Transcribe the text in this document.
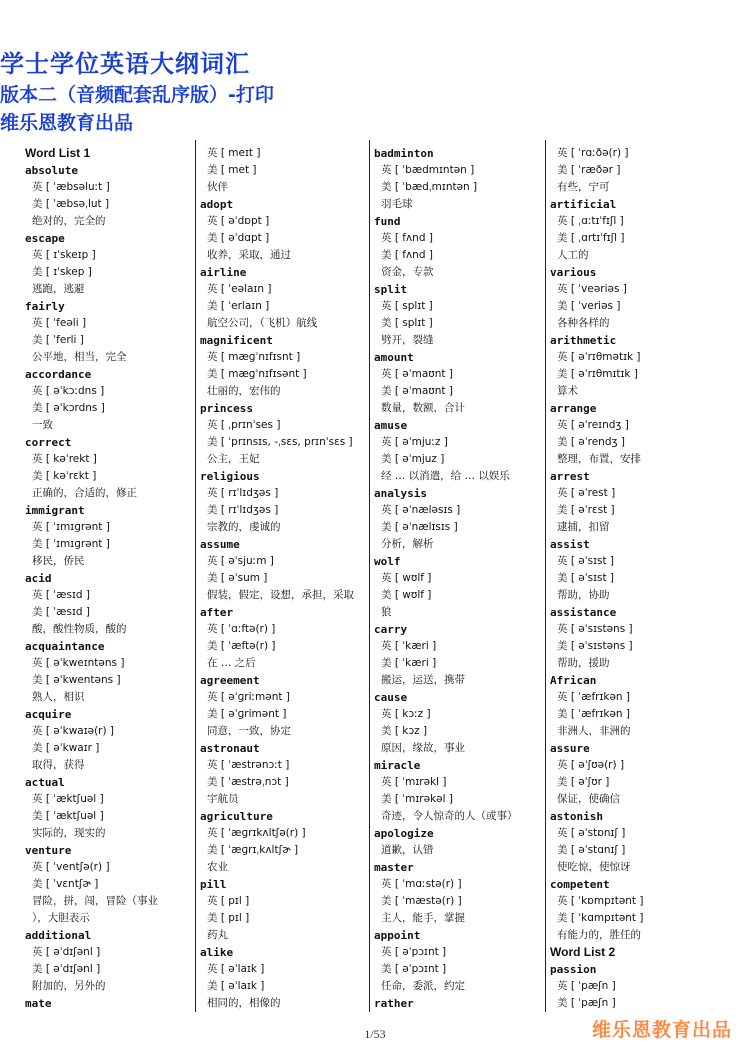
学士学位英语大纲词汇
版本二（音频配套乱序版）-打印
维乐恩教育出品
Word List 1
absolute
英 [ ˈæbsəluːt ]
美 [ ˈæbsəˌlut ]
绝对的，完全的
escape
英 [ ɪˈskeɪp ]
美 [ ɪˈskep ]
逃跑，逃避
fairly
英 [ ˈfeəli ]
美 [ ˈferli ]
公平地，相当，完全
accordance
英 [ əˈkɔːdns ]
美 [ əˈkɔrdns ]
一致
correct
英 [ kəˈrekt ]
美 [ kəˈrɛkt ]
正确的，合适的，修正
immigrant
英 [ ˈɪmɪɡrənt ]
美 [ ˈɪmɪɡrənt ]
移民，侨民
acid
英 [ ˈæsɪd ]
美 [ ˈæsɪd ]
酸，酸性物质，酸的
acquaintance
英 [ əˈkweɪntəns ]
美 [ əˈkwentəns ]
熟人，相识
acquire
英 [ əˈkwaɪə(r) ]
美 [ əˈkwaɪr ]
取得，获得
actual
英 [ ˈæktʃuəl ]
美 [ ˈæktʃuəl ]
实际的，现实的
venture
英 [ ˈventʃə(r) ]
美 [ ˈvɛntʃɚ ]
冒险，拼，闯，冒险（事业
），大胆表示
additional
英 [ əˈdɪʃənl ]
美 [ əˈdɪʃənl ]
附加的，另外的
mate
英 [ meɪt ]
美 [ met ]
伙伴
adopt
英 [ əˈdɒpt ]
美 [ əˈdɑpt ]
收养，采取，通过
airline
英 [ ˈeəlaɪn ]
美 [ ˈerlaɪn ]
航空公司，（飞机）航线
magnificent
英 [ mæɡˈnɪfɪsnt ]
美 [ mæɡˈnɪfɪsənt ]
壮丽的，宏伟的
princess
英 [ ˌprɪnˈses ]
美 [ ˈprɪnsɪs, -ˌsɛs, prɪnˈsɛs ]
公主，王妃
religious
英 [ rɪˈlɪdʒəs ]
美 [ rɪˈlɪdʒəs ]
宗教的，虔诚的
assume
英 [ əˈsjuːm ]
美 [ əˈsum ]
假装，假定，设想，承担，采取
after
英 [ ˈɑːftə(r) ]
美 [ ˈæftə(r) ]
在 … 之后
agreement
英 [ əˈɡriːmənt ]
美 [ əˈɡrimənt ]
同意，一致，协定
astronaut
英 [ ˈæstrənɔːt ]
美 [ ˈæstrəˌnɔt ]
宇航员
agriculture
英 [ ˈæɡrɪkʌltʃə(r) ]
美 [ ˈæɡrɪˌkʌltʃɚ ]
农业
pill
英 [ pɪl ]
美 [ pɪl ]
药丸
alike
英 [ əˈlaɪk ]
美 [ əˈlaɪk ]
相同的，相像的
badminton
英 [ ˈbædmɪntən ]
美 [ ˈbædˌmɪntən ]
羽毛球
fund
英 [ fʌnd ]
美 [ fʌnd ]
资金，专款
split
英 [ splɪt ]
美 [ splɪt ]
劈开，裂缝
amount
英 [ əˈmaʊnt ]
美 [ əˈmaʊnt ]
数量，数额，合计
amuse
英 [ əˈmjuːz ]
美 [ əˈmjuz ]
经 … 以消遣，给 … 以娱乐
analysis
英 [ əˈnæləsɪs ]
美 [ əˈnælɪsɪs ]
分析，解析
wolf
英 [ wʊlf ]
美 [ wʊlf ]
狼
carry
英 [ ˈkæri ]
美 [ ˈkæri ]
搬运，运送，携带
cause
英 [ kɔːz ]
美 [ kɔz ]
原因，缘故，事业
miracle
英 [ ˈmɪrəkl ]
美 [ ˈmɪrəkəl ]
奇迹，令人惊奇的人（或事）
apologize
道歉，认错
master
英 [ ˈmɑːstə(r) ]
美 [ ˈmæstə(r) ]
主人，能手，掌握
appoint
英 [ əˈpɔɪnt ]
美 [ əˈpɔɪnt ]
任命，委派，约定
rather
英 [ ˈrɑːðə(r) ]
美 [ ˈræðər ]
有些，宁可
artificial
英 [ ˌɑːtɪˈfɪʃl ]
美 [ ˌɑrtɪˈfɪʃl ]
人工的
various
英 [ ˈveəriəs ]
美 [ ˈveriəs ]
各种各样的
arithmetic
英 [ əˈrɪθmətɪk ]
美 [ əˈrɪθmɪtɪk ]
算术
arrange
英 [ əˈreɪndʒ ]
美 [ əˈrendʒ ]
整理，布置，安排
arrest
英 [ əˈrest ]
美 [ əˈrɛst ]
逮捕，扣留
assist
英 [ əˈsɪst ]
美 [ əˈsɪst ]
帮助，协助
assistance
英 [ əˈsɪstəns ]
美 [ əˈsɪstəns ]
帮助，援助
African
英 [ ˈæfrɪkən ]
美 [ ˈæfrɪkən ]
非洲人，非洲的
assure
英 [ əˈʃʊə(r) ]
美 [ əˈʃʊr ]
保证，使确信
astonish
英 [ əˈstɒnɪʃ ]
美 [ əˈstɑnɪʃ ]
使吃惊，使惊讶
competent
英 [ ˈkɒmpɪtənt ]
美 [ ˈkɑmpɪtənt ]
有能力的，胜任的
Word List 2
passion
英 [ ˈpæʃn ]
美 [ ˈpæʃn ]
1/53	维乐恩教育出品
